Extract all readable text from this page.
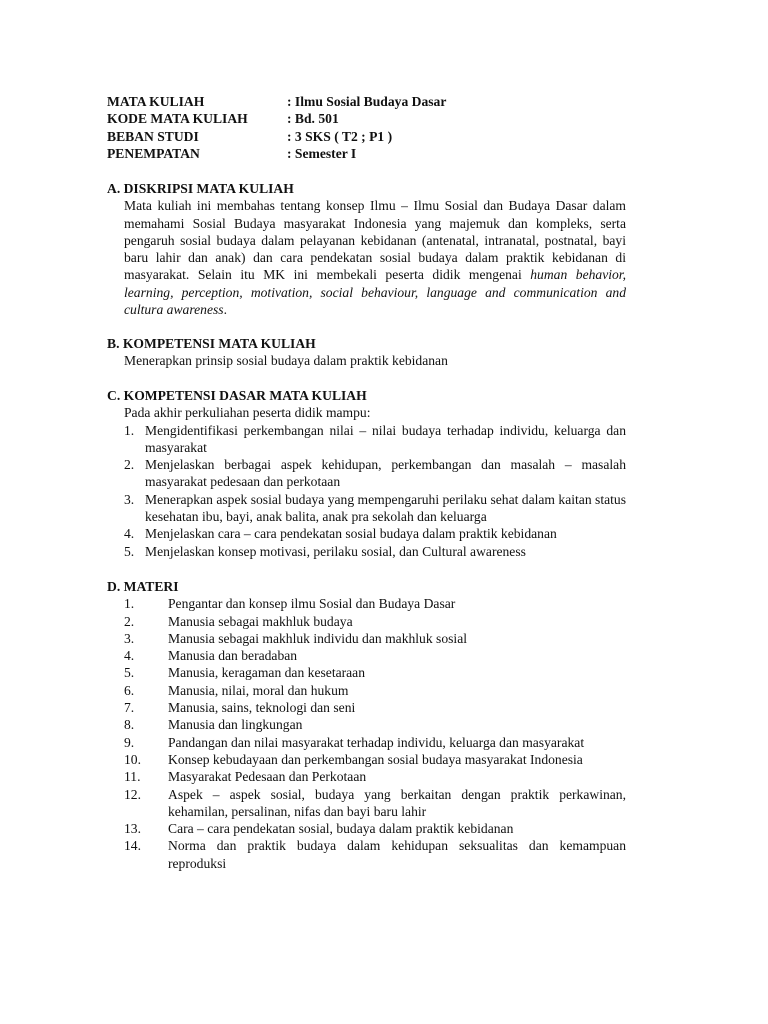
MATA KULIAH	: Ilmu Sosial Budaya Dasar
KODE MATA KULIAH	: Bd. 501
BEBAN STUDI	: 3 SKS ( T2 ; P1 )
PENEMPATAN	: Semester I
A. DISKRIPSI MATA KULIAH
Mata kuliah ini membahas tentang konsep Ilmu – Ilmu Sosial dan Budaya Dasar dalam memahami Sosial Budaya masyarakat Indonesia yang majemuk dan kompleks, serta pengaruh sosial budaya dalam pelayanan kebidanan (antenatal, intranatal, postnatal, bayi baru lahir dan anak) dan cara pendekatan sosial budaya dalam praktik kebidanan di masyarakat. Selain itu MK ini membekali peserta didik mengenai human behavior, learning, perception, motivation, social behaviour, language and communication and cultura awareness.
B. KOMPETENSI MATA KULIAH
Menerapkan prinsip sosial budaya dalam praktik kebidanan
C. KOMPETENSI DASAR MATA KULIAH
Pada akhir perkuliahan peserta didik mampu:
1. Mengidentifikasi perkembangan nilai – nilai budaya terhadap individu, keluarga dan masyarakat
2. Menjelaskan berbagai aspek kehidupan, perkembangan dan masalah – masalah masyarakat pedesaan dan perkotaan
3. Menerapkan aspek sosial budaya yang mempengaruhi perilaku sehat dalam kaitan status kesehatan ibu, bayi, anak balita, anak pra sekolah dan keluarga
4. Menjelaskan cara – cara pendekatan sosial budaya dalam praktik kebidanan
5. Menjelaskan konsep motivasi, perilaku sosial, dan Cultural awareness
D. MATERI
1.	Pengantar dan konsep ilmu Sosial dan Budaya Dasar
2.	Manusia sebagai makhluk budaya
3.	Manusia sebagai makhluk individu dan makhluk sosial
4.	Manusia dan beradaban
5.	Manusia, keragaman dan kesetaraan
6.	Manusia, nilai, moral dan hukum
7.	Manusia, sains, teknologi dan seni
8.	Manusia dan lingkungan
9.	Pandangan dan nilai masyarakat terhadap individu, keluarga dan masyarakat
10.	Konsep kebudayaan dan perkembangan sosial budaya masyarakat Indonesia
11.	Masyarakat Pedesaan dan Perkotaan
12.	Aspek – aspek sosial, budaya yang berkaitan dengan praktik perkawinan, kehamilan, persalinan, nifas dan bayi baru lahir
13.	Cara – cara pendekatan sosial, budaya dalam praktik kebidanan
14.	Norma dan praktik budaya dalam kehidupan seksualitas dan kemampuan reproduksi
